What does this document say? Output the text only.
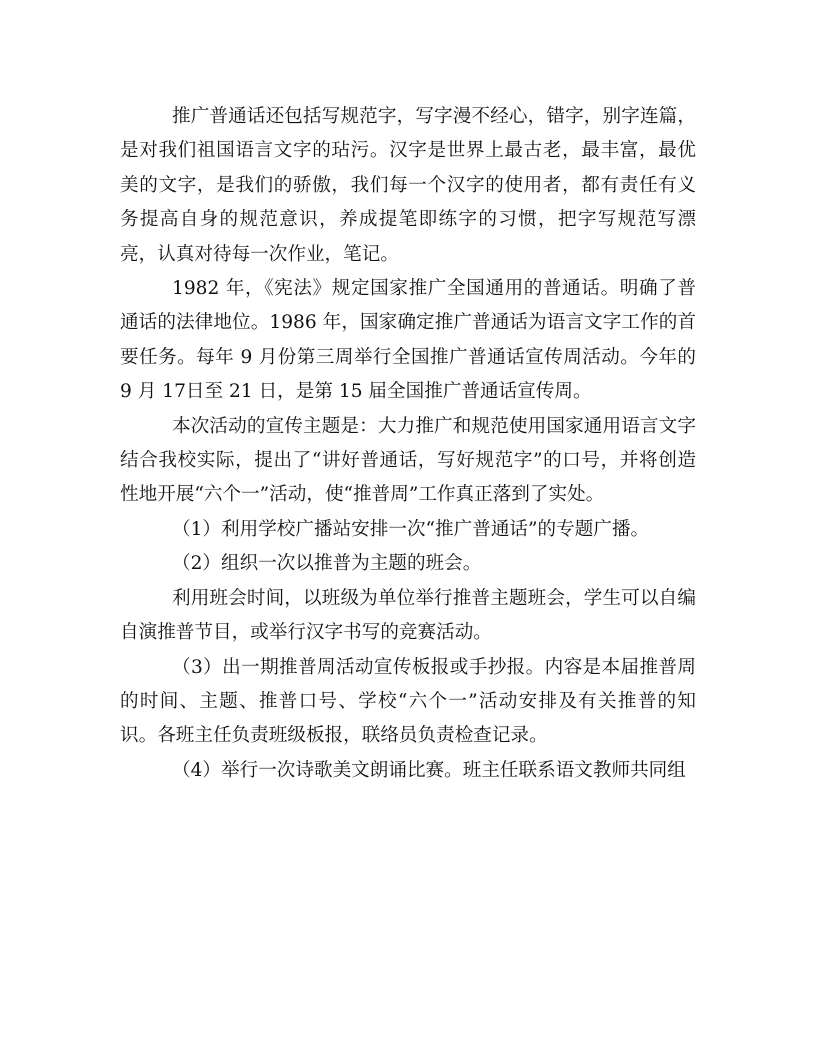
推广普通话还包括写规范字，写字漫不经心，错字，别字连篇，是对我们祖国语言文字的玷污。汉字是世界上最古老，最丰富，最优美的文字，是我们的骄傲，我们每一个汉字的使用者，都有责任有义务提高自身的规范意识，养成提笔即练字的习惯，把字写规范写漂亮，认真对待每一次作业，笔记。

1982 年，《宪法》规定国家推广全国通用的普通话。明确了普通话的法律地位。1986 年，国家确定推广普通话为语言文字工作的首要任务。每年 9 月份第三周举行全国推广普通话宣传周活动。今年的 9 月 17日至 21 日，是第 15 届全国推广普通话宣传周。

本次活动的宣传主题是：大力推广和规范使用国家通用语言文字结合我校实际，提出了“讲好普通话，写好规范字”的口号，并将创造性地开展“六个一”活动，使“推普周”工作真正落到了实处。

（1）利用学校广播站安排一次“推广普通话”的专题广播。

（2）组织一次以推普为主题的班会。

利用班会时间，以班级为单位举行推普主题班会，学生可以自编自演推普节目，或举行汉字书写的竞赛活动。

（3）出一期推普周活动宣传板报或手抄报。内容是本届推普周的时间、主题、推普口号、学校“六个一”活动安排及有关推普的知识。各班主任负责班级板报，联络员负责检查记录。

（4）举行一次诗歌美文朗诵比赛。班主任联系语文教师共同组
